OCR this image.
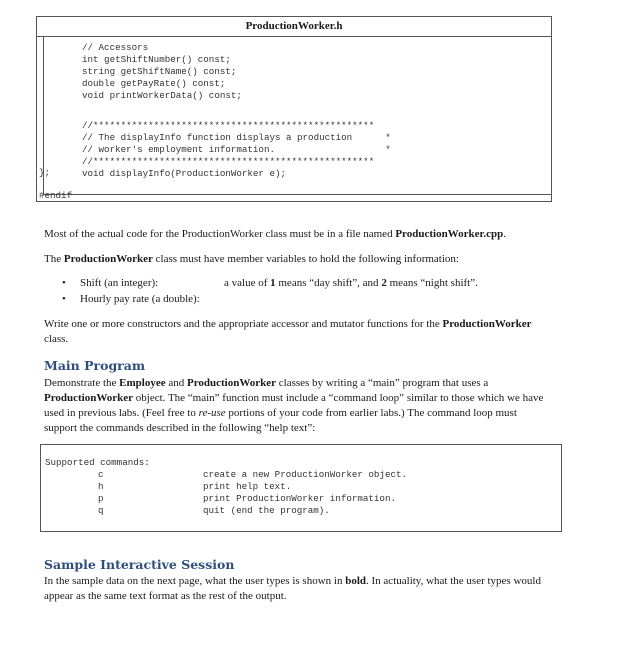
ProductionWorker.h
// Accessors
int getShiftNumber() const;
string getShiftName() const;
double getPayRate() const;
void printWorkerData() const;
//***************************************************
// The displayInfo function displays a production      *
// worker's employment information.                    *
//***************************************************
void displayInfo(ProductionWorker e);
};
#endif

Most of the actual code for the ProductionWorker class must be in a file named ProductionWorker.cpp.

The ProductionWorker class must have member variables to hold the following information:

• Shift (an integer):	a value of 1 means “day shift”, and 2 means “night shift”.
• Hourly pay rate (a double):

Write one or more constructors and the appropriate accessor and mutator functions for the ProductionWorker
class.

Main Program

Demonstrate the Employee and ProductionWorker classes by writing a “main” program that uses a

ProductionWorker object. The “main” function must include a “command loop” similar to those which we have

used in previous labs. (Feel free to re-use portions of your code from earlier labs.) The command loop must

support the commands described in the following “help text”:

Supported commands:
c	create a new ProductionWorker object.
h	print help text.
p	print ProductionWorker information.
q	quit (end the program).
Sample Interactive Session

In the sample data on the next page, what the user types is shown in bold. In actuality, what the user types would

appear as the same text format as the rest of the output.
